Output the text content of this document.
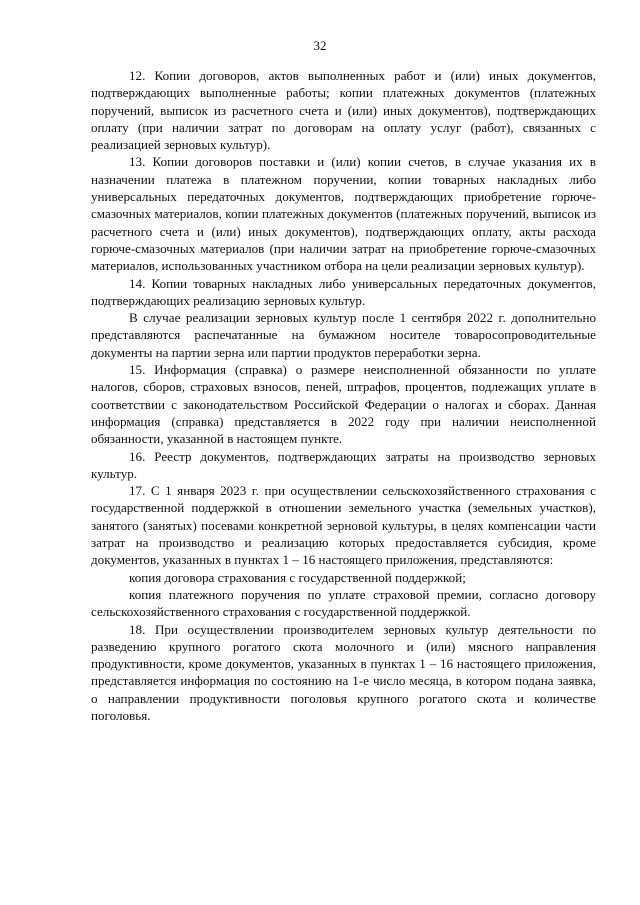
32

12. Копии договоров, актов выполненных работ и (или) иных документов, подтверждающих выполненные работы; копии платежных документов (платежных поручений, выписок из расчетного счета и (или) иных документов), подтверждающих оплату (при наличии затрат по договорам на оплату услуг (работ), связанных с реализацией зерновых культур).

13. Копии договоров поставки и (или) копии счетов, в случае указания их в назначении платежа в платежном поручении, копии товарных накладных либо универсальных передаточных документов, подтверждающих приобретение горюче-смазочных материалов, копии платежных документов (платежных поручений, выписок из расчетного счета и (или) иных документов), подтверждающих оплату, акты расхода горюче-смазочных материалов (при наличии затрат на приобретение горюче-смазочных материалов, использованных участником отбора на цели реализации зерновых культур).

14. Копии товарных накладных либо универсальных передаточных документов, подтверждающих реализацию зерновых культур.

В случае реализации зерновых культур после 1 сентября 2022 г. дополнительно представляются распечатанные на бумажном носителе товаросопроводительные документы на партии зерна или партии продуктов переработки зерна.

15. Информация (справка) о размере неисполненной обязанности по уплате налогов, сборов, страховых взносов, пеней, штрафов, процентов, подлежащих уплате в соответствии с законодательством Российской Федерации о налогах и сборах. Данная информация (справка) представляется в 2022 году при наличии неисполненной обязанности, указанной в настоящем пункте.

16. Реестр документов, подтверждающих затраты на производство зерновых культур.

17. С 1 января 2023 г. при осуществлении сельскохозяйственного страхования с государственной поддержкой в отношении земельного участка (земельных участков), занятого (занятых) посевами конкретной зерновой культуры, в целях компенсации части затрат на производство и реализацию которых предоставляется субсидия, кроме документов, указанных в пунктах 1 – 16 настоящего приложения, представляются:

копия договора страхования с государственной поддержкой;

копия платежного поручения по уплате страховой премии, согласно договору сельскохозяйственного страхования с государственной поддержкой.

18. При осуществлении производителем зерновых культур деятельности по разведению крупного рогатого скота молочного и (или) мясного направления продуктивности, кроме документов, указанных в пунктах 1 – 16 настоящего приложения, представляется информация по состоянию на 1-е число месяца, в котором подана заявка, о направлении продуктивности поголовья крупного рогатого скота и количестве поголовья.
